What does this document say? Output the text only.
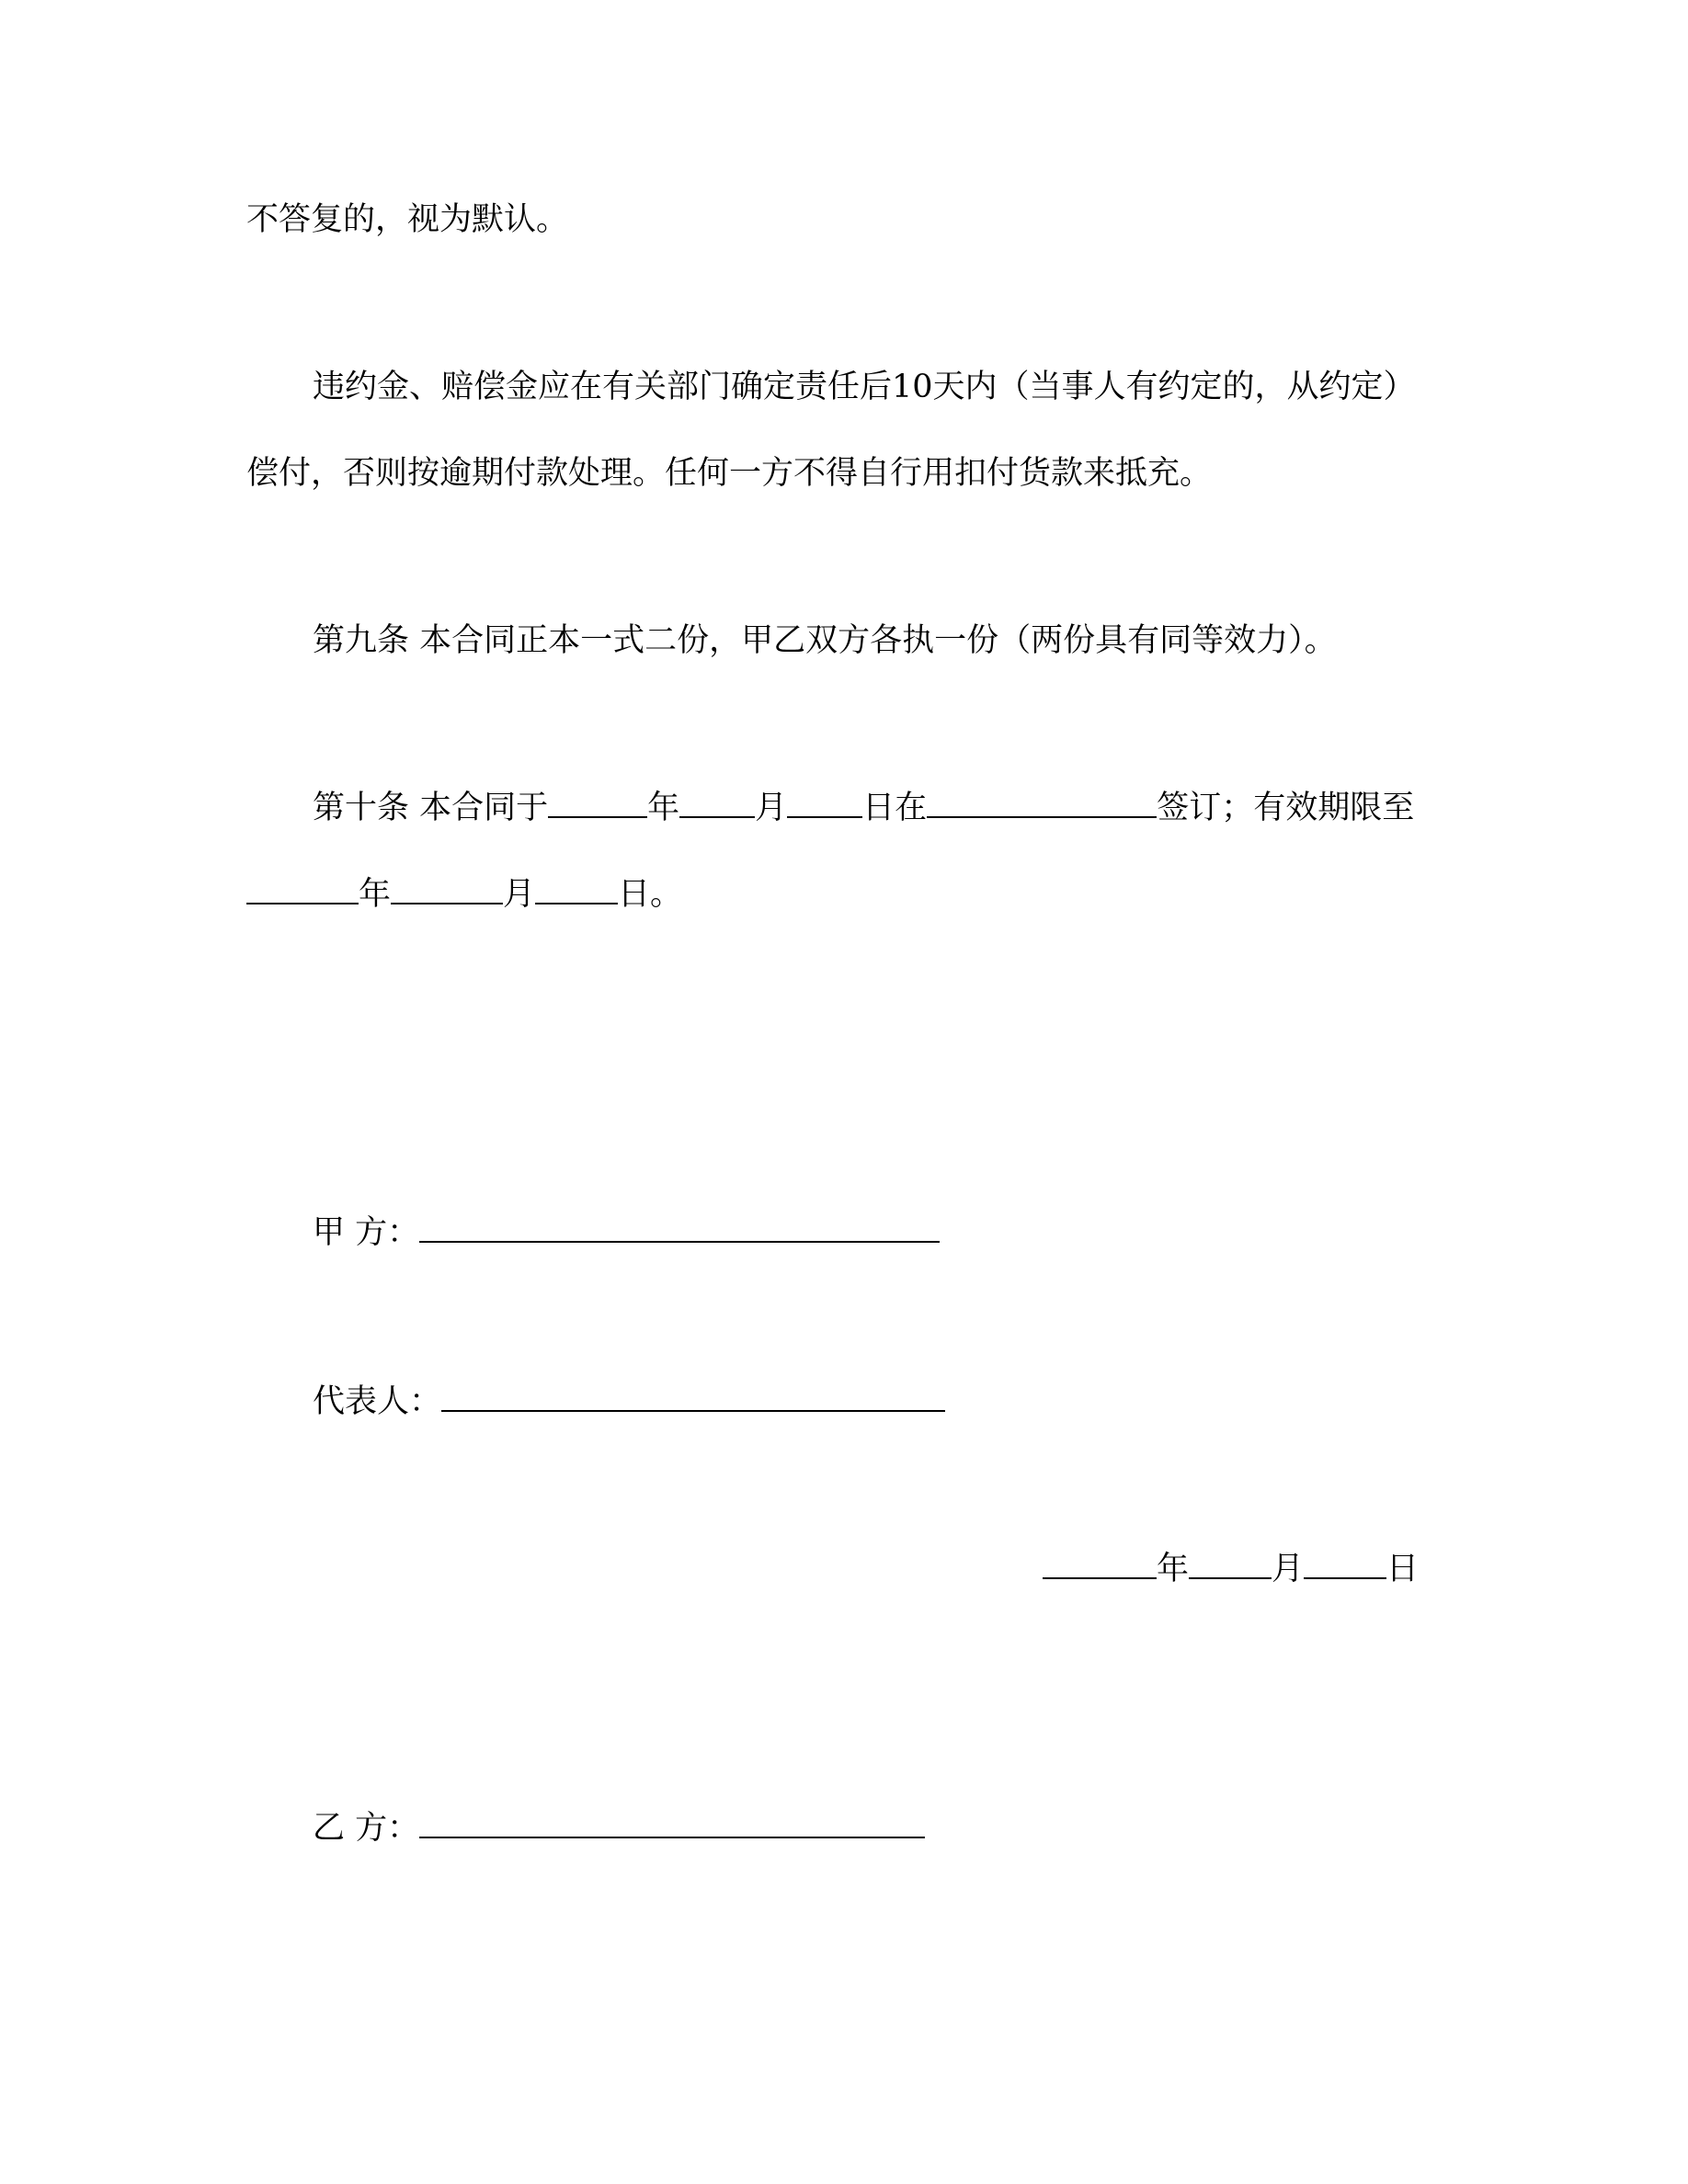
不答复的，视为默认。
违约金、赔偿金应在有关部门确定责任后10天内（当事人有约定的，从约定）
偿付，否则按逾期付款处理。任何一方不得自行用扣付货款来抵充。
第九条 本合同正本一式二份，甲乙双方各执一份（两份具有同等效力）。
第十条 本合同于	年 月 日在	签订；有效期限至
年	月	日。
甲 方：
代表人：
年	月	日
乙 方：
